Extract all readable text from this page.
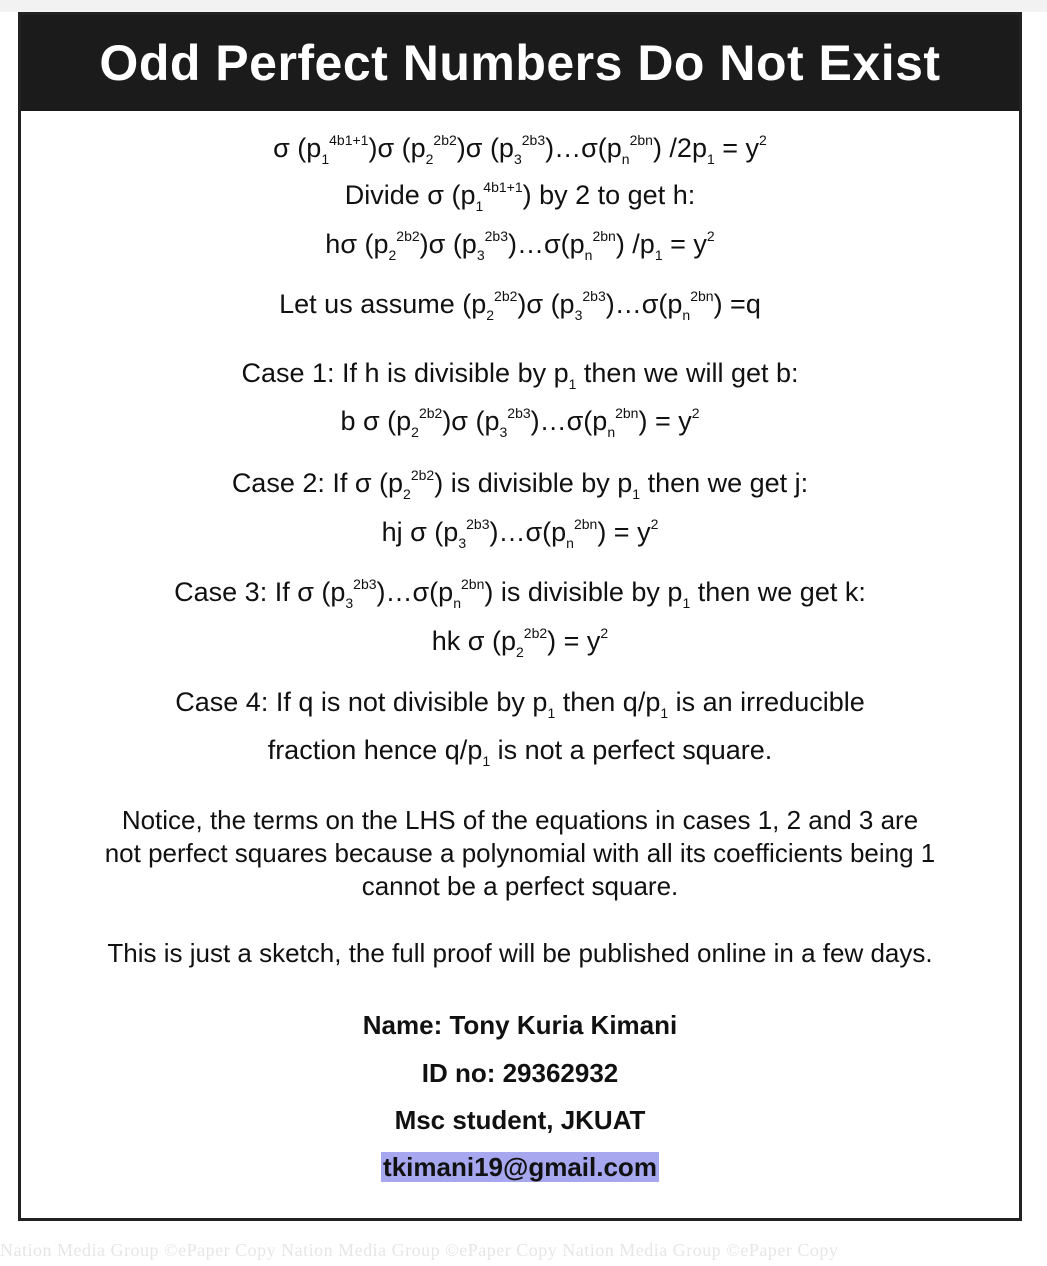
Odd Perfect Numbers Do Not Exist
σ $(p_1^{4b1+1})\sigma$ $(p_2^{2b2})\sigma$ $(p_3^{2b3})\dots\sigma(p_n^{2bn}) /2p_1 = y^2$
Divide σ $(p_1^{4b1+1})$ by 2 to get h:
hσ $(p_2^{2b2})\sigma$ $(p_3^{2b3})\dots\sigma(p_n^{2bn}) /p_1 = y^2$
Let us assume $(p_2^{2b2})\sigma$ $(p_3^{2b3})\dots\sigma(p_n^{2bn}) =q$
Case 1: If h is divisible by $p_1$ then we will get b:
b σ $(p_2^{2b2})\sigma$ $(p_3^{2b3})\dots\sigma(p_n^{2bn}) = y^2$
Case 2: If σ $(p_2^{2b2})$ is divisible by $p_1$ then we get j:
hj σ $(p_3^{2b3})\dots\sigma(p_n^{2bn}) = y^2$
Case 3: If σ $(p_3^{2b3})\dots\sigma(p_n^{2bn})$ is divisible by $p_1$ then we get k:
hk σ $(p_2^{2b2}) = y^2$
Case 4: If q is not divisible by $p_1$ then $q/p_1$ is an irreducible
fraction hence $q/p_1$ is not a perfect square.
Notice, the terms on the LHS of the equations in cases 1, 2 and 3 are
not perfect squares because a polynomial with all its coefficients being 1
cannot be a perfect square.
This is just a sketch, the full proof will be published online in a few days.
Name: Tony Kuria Kimani
ID no: 29362932
Msc student, JKUAT
tkimani19@gmail.com
Nation Media Group ©ePaper Copy Nation Media Group ©ePaper Copy Nation Media Group ©ePaper Copy
